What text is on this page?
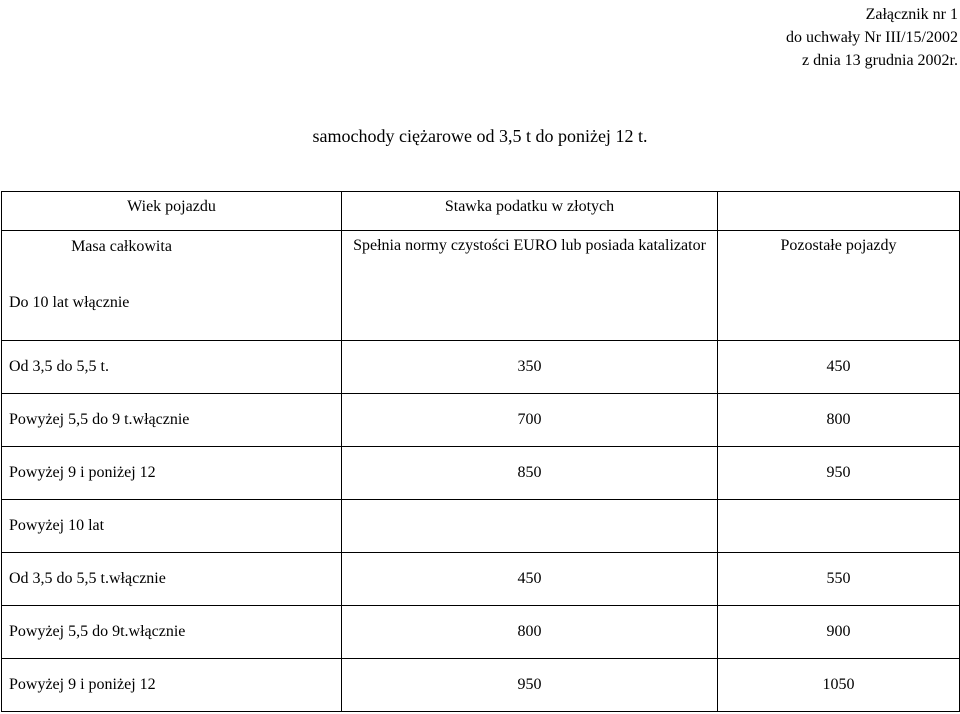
Załącznik nr 1
do uchwały Nr III/15/2002
z dnia 13 grudnia 2002r.
samochody ciężarowe od 3,5 t do poniżej 12 t.
Wiek pojazdu	Stawka podatku w złotych	

Masa całkowita
Do 10 lat włącznie	Spełnia normy czystości EURO lub posiada katalizator	Pozostałe pojazdy
Od 3,5 do 5,5 t.	350	450
Powyżej 5,5 do 9 t.włącznie	700	800
Powyżej 9 i poniżej 12	850	950
Powyżej 10 lat		
Od 3,5 do 5,5 t.włącznie	450	550
Powyżej 5,5 do 9t.włącznie	800	900
Powyżej 9 i poniżej 12	950	1050
